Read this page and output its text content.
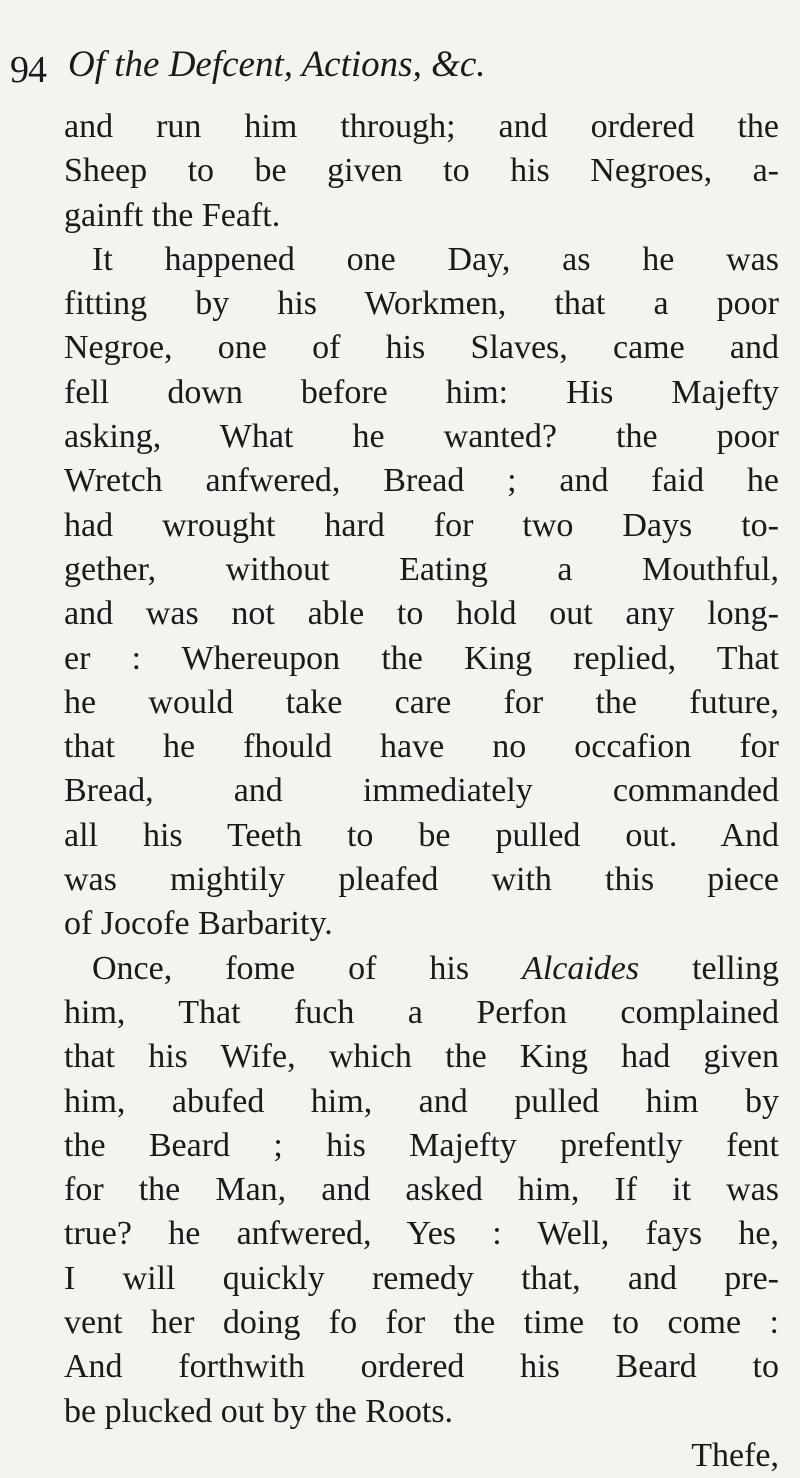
94 Of the Defcent, Actions, &c.
and run him through; and ordered the
Sheep to be given to his Negroes, a-
gainft the Feaft.
It happened one Day, as he was
fitting by his Workmen, that a poor
Negroe, one of his Slaves, came and
fell down before him: His Majefty
asking, What he wanted? the poor
Wretch anfwered, Bread ; and faid he
had wrought hard for two Days to-
gether, without Eating a Mouthful,
and was not able to hold out any long-
er : Whereupon the King replied, That
he would take care for the future,
that he fhould have no occafion for
Bread, and immediately commanded
all his Teeth to be pulled out. And
was mightily pleafed with this piece
of Jocofe Barbarity.
Once, fome of his Alcaides telling
him, That fuch a Perfon complained
that his Wife, which the King had given
him, abufed him, and pulled him by
the Beard ; his Majefty prefently fent
for the Man, and asked him, If it was
true? he anfwered, Yes : Well, fays he,
I will quickly remedy that, and pre-
vent her doing fo for the time to come :
And forthwith ordered his Beard to
be plucked out by the Roots.
Thefe,
